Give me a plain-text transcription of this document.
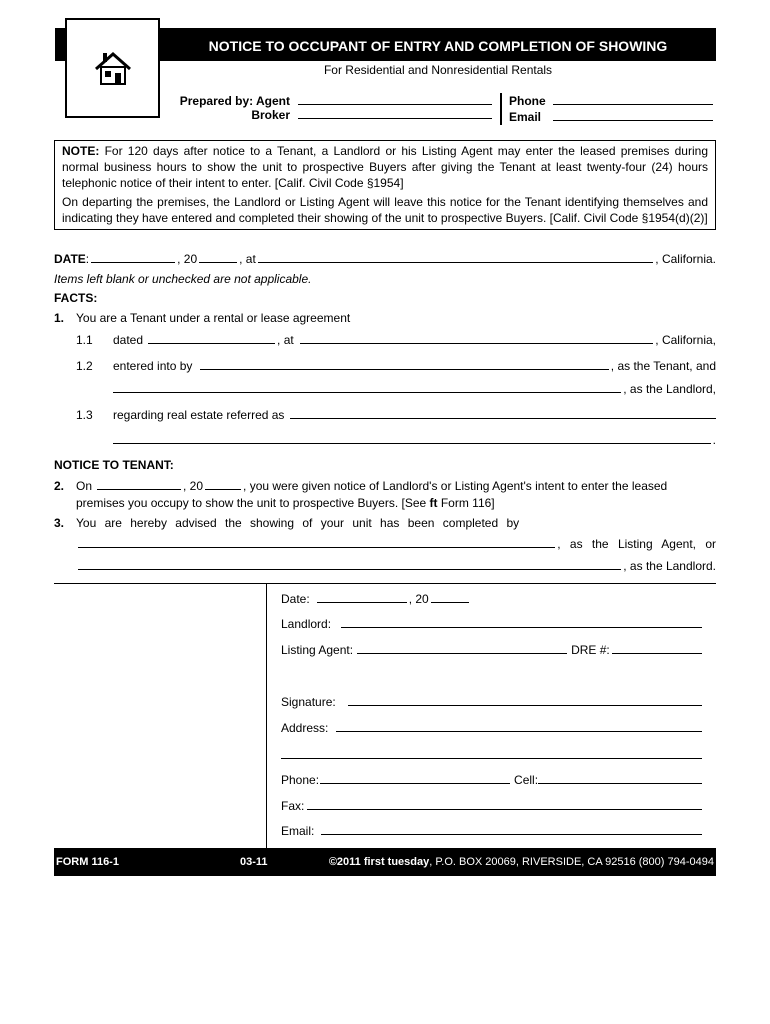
NOTICE TO OCCUPANT OF ENTRY AND COMPLETION OF SHOWING
For Residential and Nonresidential Rentals
Prepared by: Agent
Broker
Phone
Email

NOTE: For 120 days after notice to a Tenant, a Landlord or his Listing Agent may enter the leased premises during normal business hours to show the unit to prospective Buyers after giving the Tenant at least twenty-four (24) hours telephonic notice of their intent to enter. [Calif. Civil Code §1954]

On departing the premises, the Landlord or Listing Agent will leave this notice for the Tenant identifying themselves and indicating they have entered and completed their showing of the unit to prospective Buyers. [Calif. Civil Code §1954(d)(2)]

DATE :	, 20	, at	, California.
Items left blank or unchecked are not applicable.
FACTS:
1. You are a Tenant under a rental or lease agreement
1.1	dated	, at	, California,
1.2	entered into by	, as the Tenant, and
, as the Landlord,
1.3	regarding real estate referred as
.
NOTICE TO TENANT:
2. On	, 20	, you were given notice of Landlord's or Listing Agent's intent to enter the leased
premises you occupy to show the unit to prospective Buyers. [See ft Form 116]
3. You are hereby advised the showing of your unit has been completed by
, as the Listing Agent, or
, as the Landlord.
Date:	, 20
Landlord:
Listing Agent:	DRE #:
Signature:
Address:
Phone:	Cell:
Fax:
Email:
FORM 116-1	03-11	©2011 first tuesday, P.O. BOX 20069, RIVERSIDE, CA 92516 (800) 794-0494
